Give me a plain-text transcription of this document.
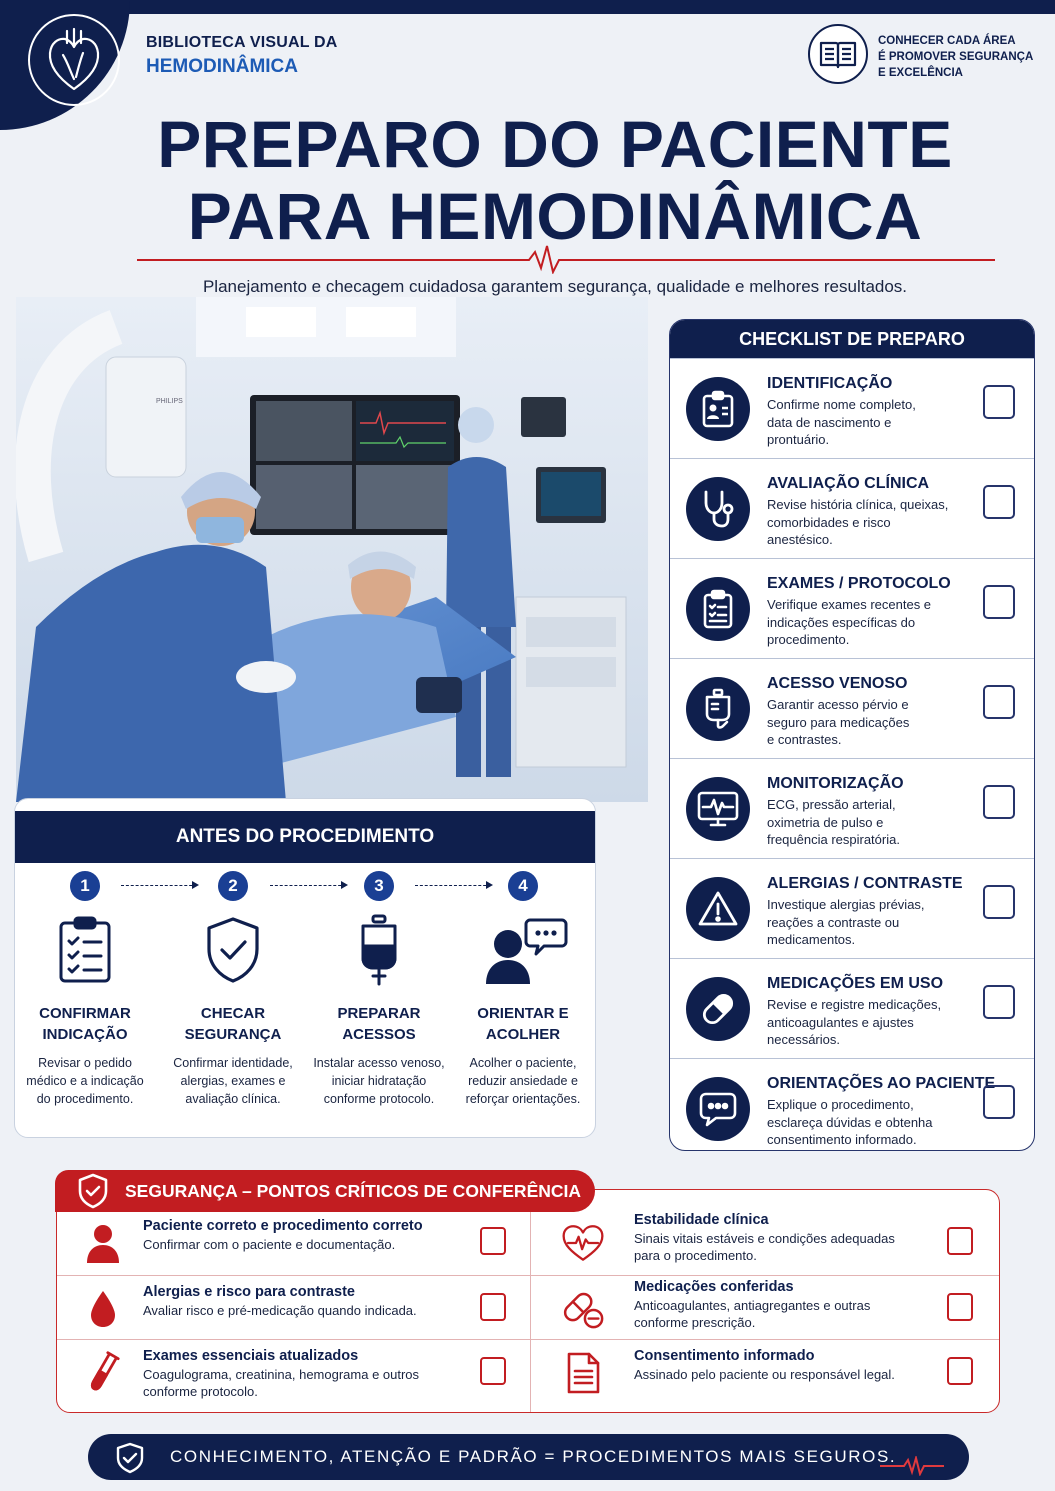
BIBLIOTECA VISUAL DA
HEMODINÂMICA
CONHECER CADA ÁREA
É PROMOVER SEGURANÇA
E EXCELÊNCIA
PREPARO DO PACIENTE
PARA HEMODINÂMICA
Planejamento e checagem cuidadosa garantem segurança, qualidade e melhores resultados.
PHILIPS
ANTES DO PROCEDIMENTO
1
CONFIRMAR
INDICAÇÃO
Revisar o pedido
médico e a indicação
do procedimento.
2
CHECAR
SEGURANÇA
Confirmar identidade,
alergias, exames e
avaliação clínica.
3
PREPARAR
ACESSOS
Instalar acesso venoso,
iniciar hidratação
conforme protocolo.
4
ORIENTAR E
ACOLHER
Acolher o paciente,
reduzir ansiedade e
reforçar orientações.
CHECKLIST DE PREPARO
IDENTIFICAÇÃO
Confirme nome completo,
data de nascimento e
prontuário.
AVALIAÇÃO CLÍNICA
Revise história clínica, queixas,
comorbidades e risco
anestésico.
EXAMES / PROTOCOLO
Verifique exames recentes e
indicações específicas do
procedimento.
ACESSO VENOSO
Garantir acesso pérvio e
seguro para medicações
e contrastes.
MONITORIZAÇÃO
ECG, pressão arterial,
oximetria de pulso e
frequência respiratória.
ALERGIAS / CONTRASTE
Investique alergias prévias,
reações a contraste ou
medicamentos.
MEDICAÇÕES EM USO
Revise e registre medicações,
anticoagulantes e ajustes
necessários.
ORIENTAÇÕES AO PACIENTE
Explique o procedimento,
esclareça dúvidas e obtenha
consentimento informado.
Paciente correto e procedimento correto
Confirmar com o paciente e documentação.
Alergias e risco para contraste
Avaliar risco e pré-medicação quando indicada.
Exames essenciais atualizados
Coagulograma, creatinina, hemograma e outros
conforme protocolo.
Estabilidade clínica
Sinais vitais estáveis e condições adequadas
para o procedimento.
Medicações conferidas
Anticoagulantes, antiagregantes e outras
conforme prescrição.
Consentimento informado
Assinado pelo paciente ou responsável legal.
SEGURANÇA – PONTOS CRÍTICOS DE CONFERÊNCIA
CONHECIMENTO, ATENÇÃO E PADRÃO = PROCEDIMENTOS MAIS SEGUROS.
